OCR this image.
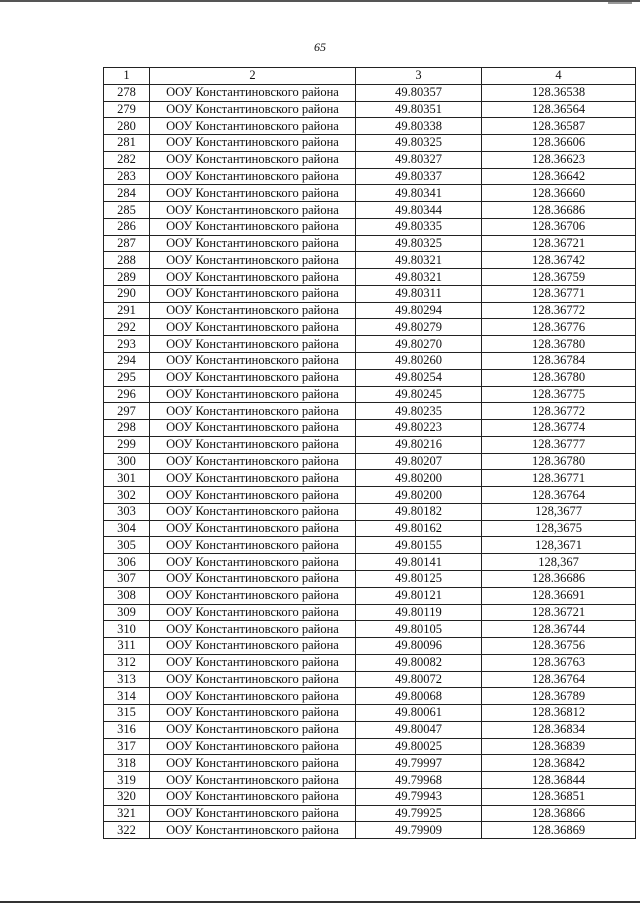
65
1	2	3	4
278	ООУ Константиновского района	49.80357	128.36538
279	ООУ Константиновского района	49.80351	128.36564
280	ООУ Константиновского района	49.80338	128.36587
281	ООУ Константиновского района	49.80325	128.36606
282	ООУ Константиновского района	49.80327	128.36623
283	ООУ Константиновского района	49.80337	128.36642
284	ООУ Константиновского района	49.80341	128.36660
285	ООУ Константиновского района	49.80344	128.36686
286	ООУ Константиновского района	49.80335	128.36706
287	ООУ Константиновского района	49.80325	128.36721
288	ООУ Константиновского района	49.80321	128.36742
289	ООУ Константиновского района	49.80321	128.36759
290	ООУ Константиновского района	49.80311	128.36771
291	ООУ Константиновского района	49.80294	128.36772
292	ООУ Константиновского района	49.80279	128.36776
293	ООУ Константиновского района	49.80270	128.36780
294	ООУ Константиновского района	49.80260	128.36784
295	ООУ Константиновского района	49.80254	128.36780
296	ООУ Константиновского района	49.80245	128.36775
297	ООУ Константиновского района	49.80235	128.36772
298	ООУ Константиновского района	49.80223	128.36774
299	ООУ Константиновского района	49.80216	128.36777
300	ООУ Константиновского района	49.80207	128.36780
301	ООУ Константиновского района	49.80200	128.36771
302	ООУ Константиновского района	49.80200	128.36764
303	ООУ Константиновского района	49.80182	128,3677
304	ООУ Константиновского района	49.80162	128,3675
305	ООУ Константиновского района	49.80155	128,3671
306	ООУ Константиновского района	49.80141	128,367
307	ООУ Константиновского района	49.80125	128.36686
308	ООУ Константиновского района	49.80121	128.36691
309	ООУ Константиновского района	49.80119	128.36721
310	ООУ Константиновского района	49.80105	128.36744
311	ООУ Константиновского района	49.80096	128.36756
312	ООУ Константиновского района	49.80082	128.36763
313	ООУ Константиновского района	49.80072	128.36764
314	ООУ Константиновского района	49.80068	128.36789
315	ООУ Константиновского района	49.80061	128.36812
316	ООУ Константиновского района	49.80047	128.36834
317	ООУ Константиновского района	49.80025	128.36839
318	ООУ Константиновского района	49.79997	128.36842
319	ООУ Константиновского района	49.79968	128.36844
320	ООУ Константиновского района	49.79943	128.36851
321	ООУ Константиновского района	49.79925	128.36866
322	ООУ Константиновского района	49.79909	128.36869
